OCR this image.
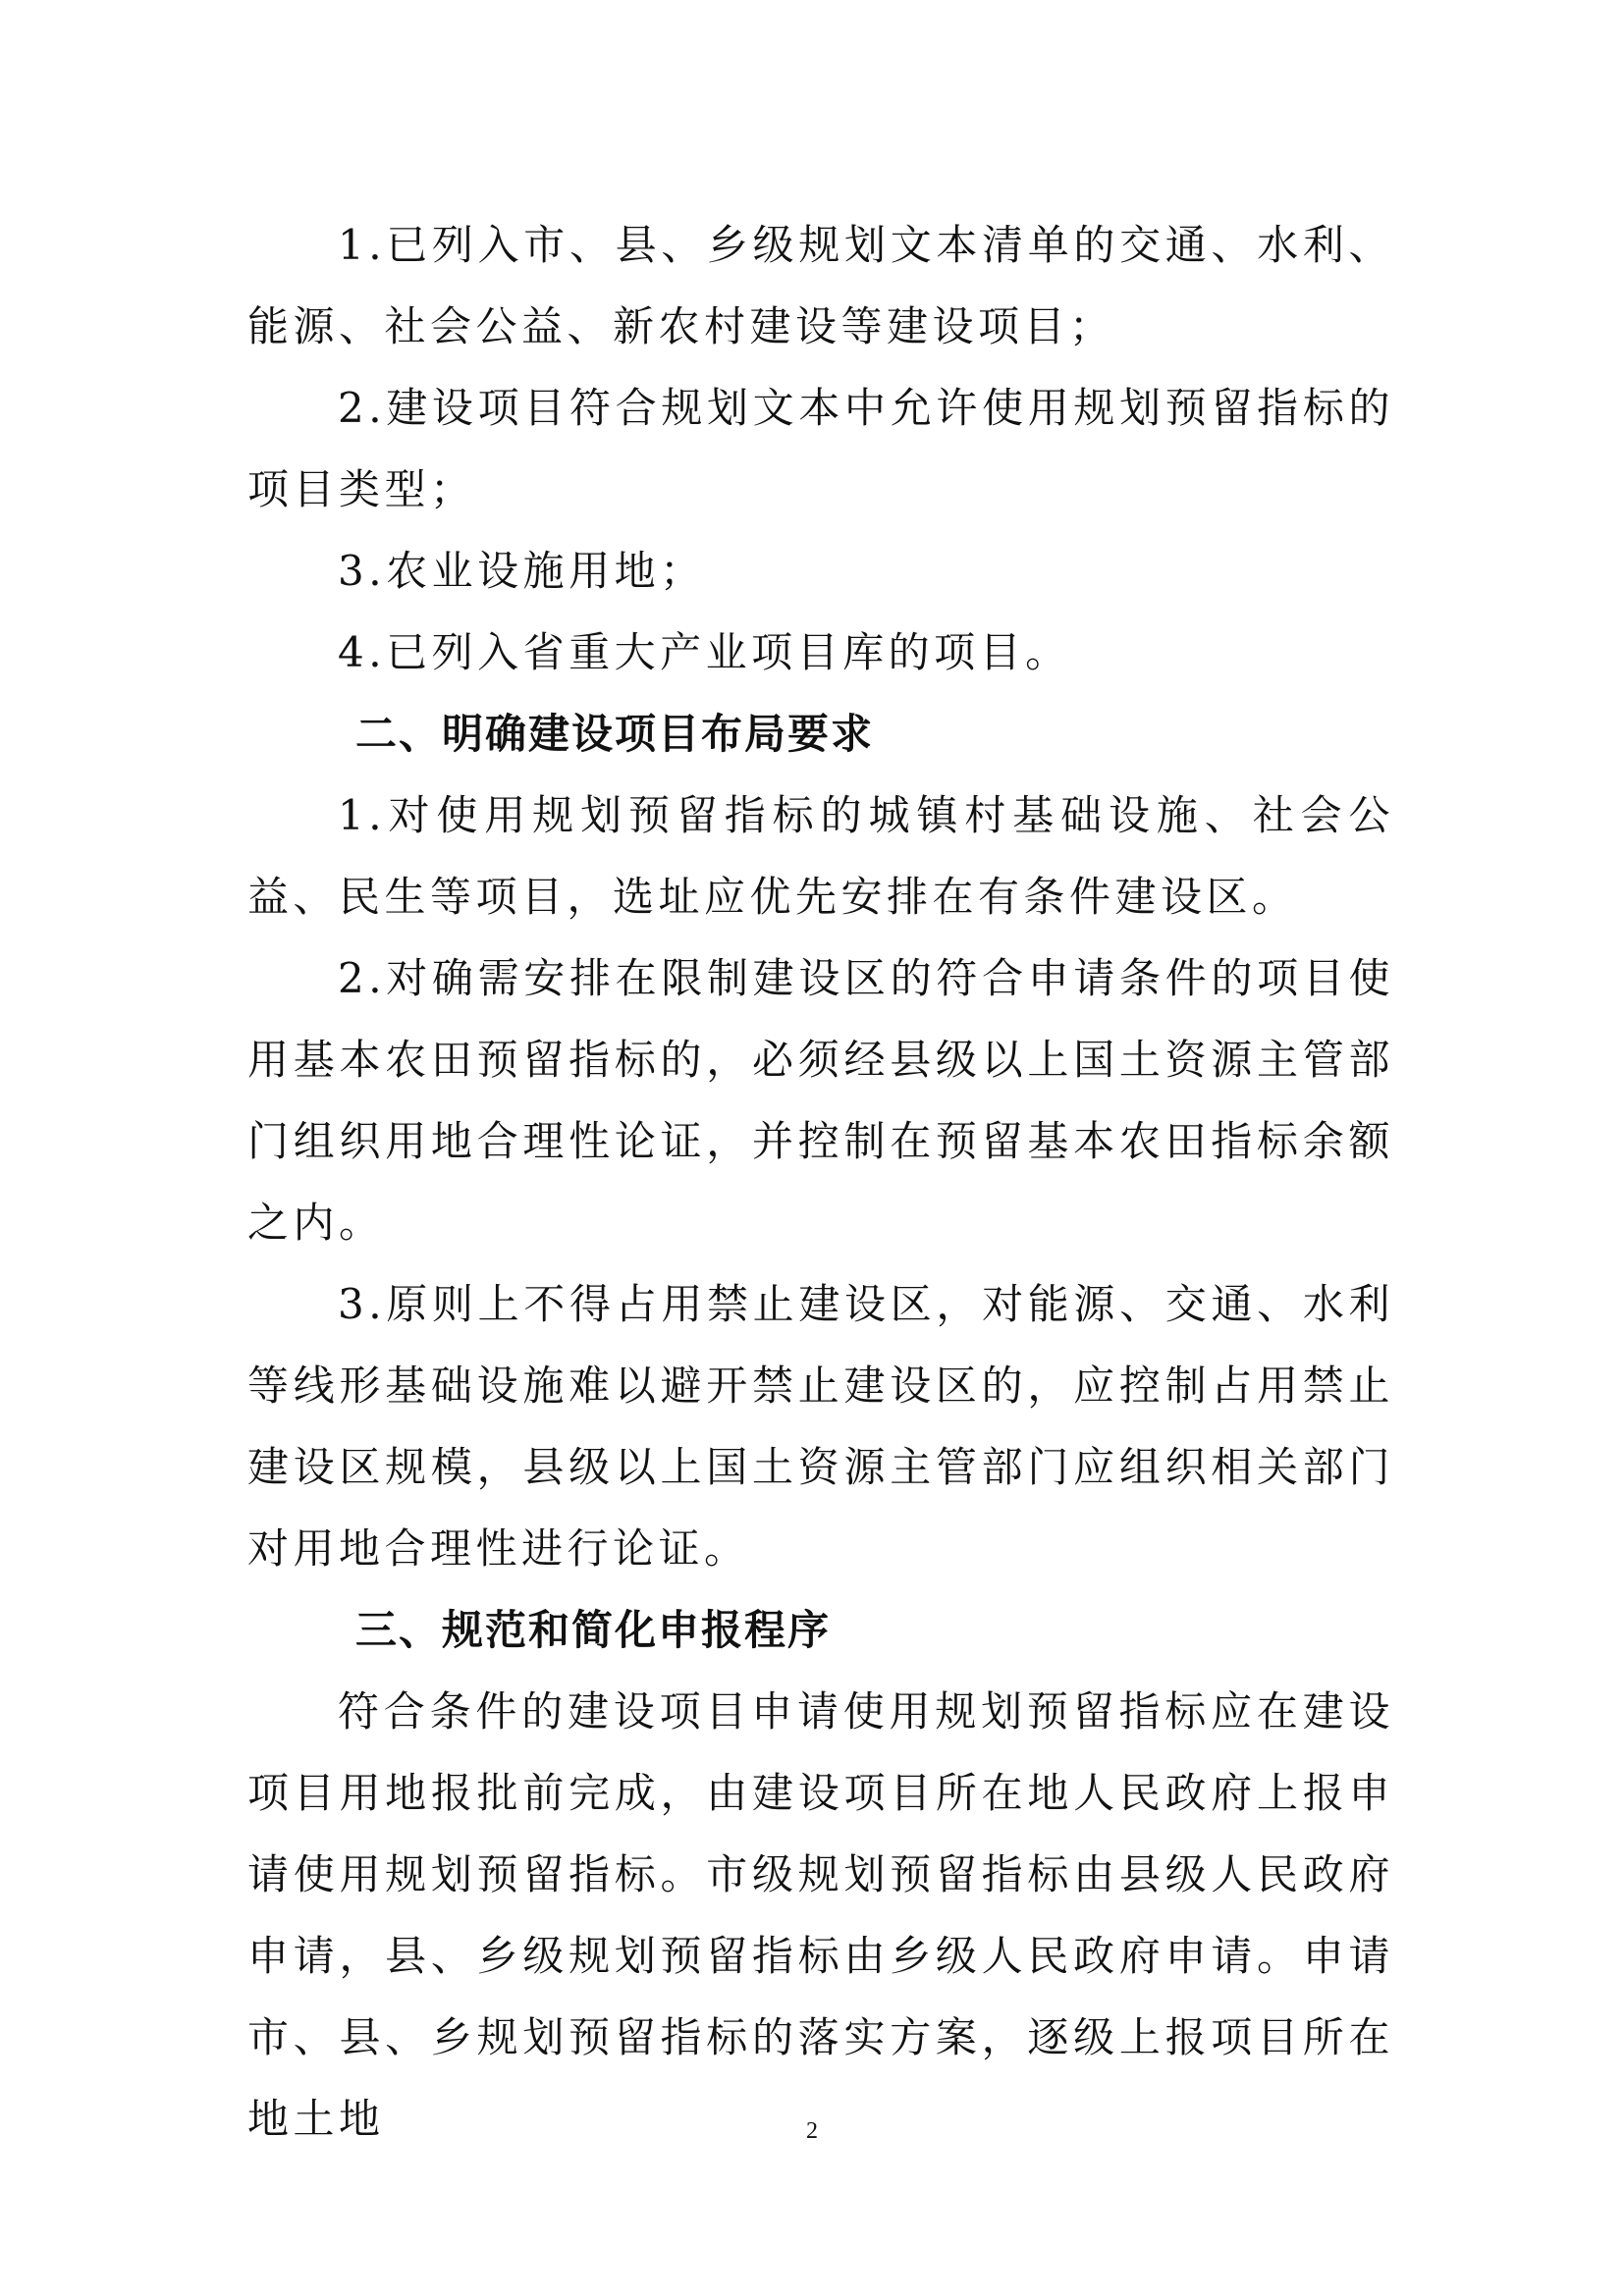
1.已列入市、县、乡级规划文本清单的交通、水利、能源、社会公益、新农村建设等建设项目；

2.建设项目符合规划文本中允许使用规划预留指标的项目类型；

3.农业设施用地；

4.已列入省重大产业项目库的项目。

二、明确建设项目布局要求

1.对使用规划预留指标的城镇村基础设施、社会公益、民生等项目，选址应优先安排在有条件建设区。

2.对确需安排在限制建设区的符合申请条件的项目使用基本农田预留指标的，必须经县级以上国土资源主管部门组织用地合理性论证，并控制在预留基本农田指标余额之内。

3.原则上不得占用禁止建设区，对能源、交通、水利等线形基础设施难以避开禁止建设区的，应控制占用禁止建设区规模，县级以上国土资源主管部门应组织相关部门对用地合理性进行论证。

三、规范和简化申报程序

符合条件的建设项目申请使用规划预留指标应在建设项目用地报批前完成，由建设项目所在地人民政府上报申请使用规划预留指标。市级规划预留指标由县级人民政府申请，县、乡级规划预留指标由乡级人民政府申请。申请市、县、乡规划预留指标的落实方案，逐级上报项目所在地土地	2
